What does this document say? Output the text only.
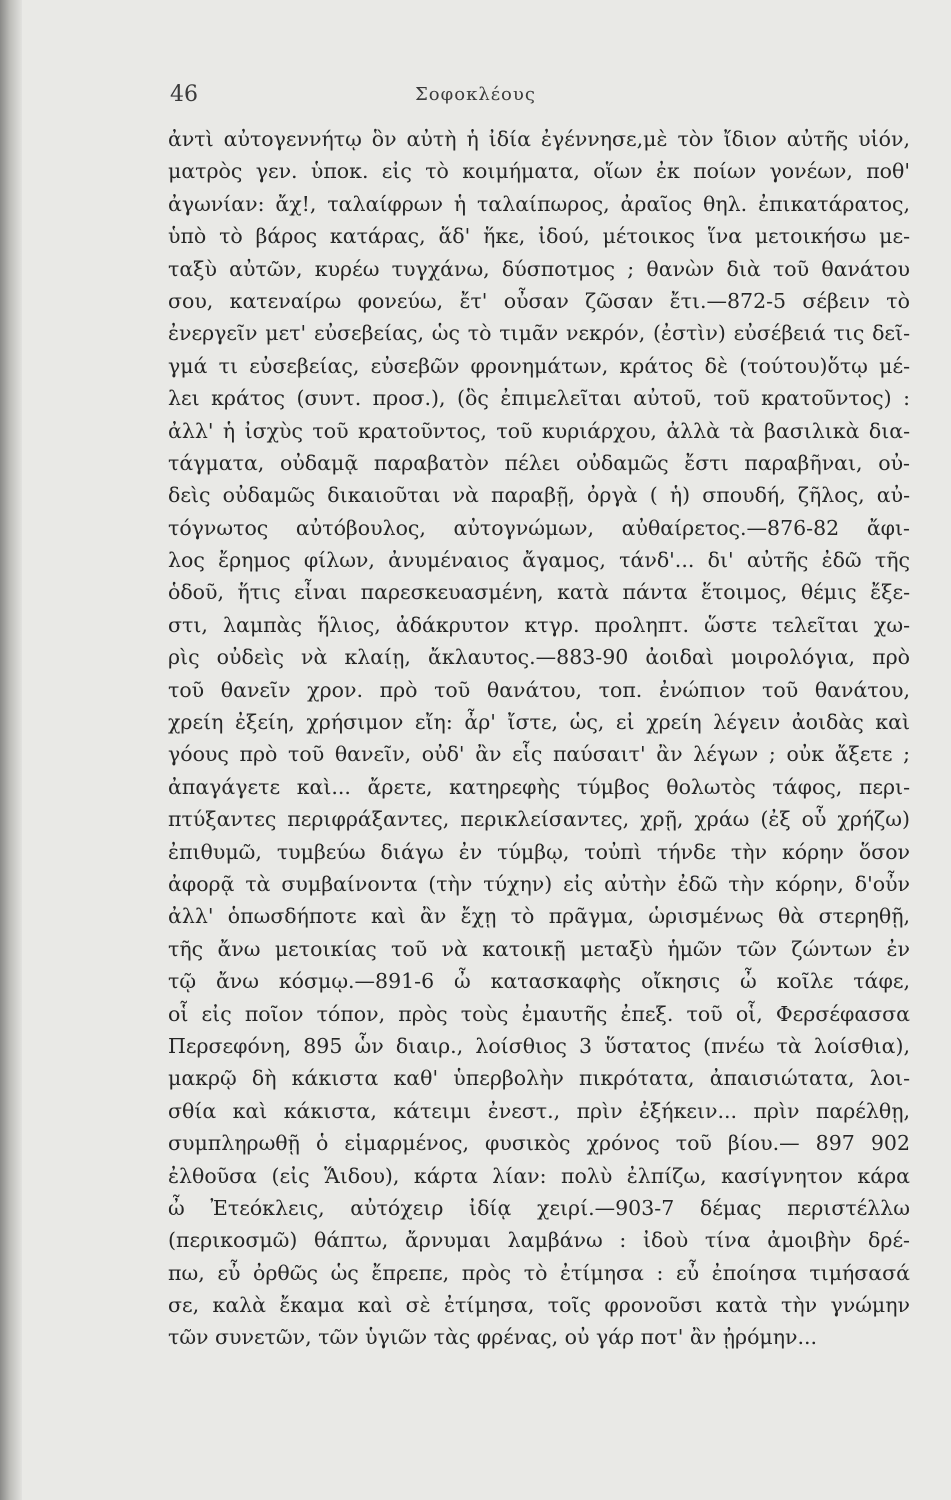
46	Σοφοκλέους
ἀντὶ αὐτογεννήτῳ ὃν αὐτὴ ἡ ἰδία ἐγέννησε,μὲ τὸν ἴδιον αὐτῆς υἱόν,
ματρὸς γεν. ὑποκ. εἰς τὸ κοιμήματα, οἵων ἐκ ποίων γονέων, ποθ'
ἀγωνίαν: ἄχ!, ταλαίφρων ἡ ταλαίπωρος, ἀραῖος θηλ. ἐπικατάρατος,
ὑπὸ τὸ βάρος κατάρας, ἅδ' ἥκε, ἰδού, μέτοικος ἵνα μετοικήσω με-
ταξὺ αὐτῶν, κυρέω τυγχάνω, δύσποτμος ; θανὼν διὰ τοῦ θανάτου
σου, κατεναίρω φονεύω, ἔτ' οὖσαν ζῶσαν ἔτι.—872-5 σέβειν τὸ
ἐνεργεῖν μετ' εὐσεβείας, ὡς τὸ τιμᾶν νεκρόν, (ἐστὶν) εὐσέβειά τις δεῖ-
γμά τι εὐσεβείας, εὐσεβῶν φρονημάτων, κράτος δὲ (τούτου)ὅτῳ μέ-
λει κράτος (συντ. προσ.), (ὃς ἐπιμελεῖται αὐτοῦ, τοῦ κρατοῦντος) :
ἀλλ' ἡ ἰσχὺς τοῦ κρατοῦντος, τοῦ κυριάρχου, ἀλλὰ τὰ βασιλικὰ δια-
τάγματα, οὐδαμᾷ παραβατὸν πέλει οὐδαμῶς ἔστι παραβῆναι, οὐ-
δεὶς οὐδαμῶς δικαιοῦται νὰ παραβῇ, ὀργὰ ( ἡ) σπουδή, ζῆλος, αὐ-
τόγνωτος αὐτόβουλος, αὐτογνώμων, αὐθαίρετος.—876-82 ἄφι-
λος ἔρημος φίλων, ἀνυμέναιος ἄγαμος, τάνδ'... δι' αὐτῆς ἐδῶ τῆς
ὁδοῦ, ἥτις εἶναι παρεσκευασμένη, κατὰ πάντα ἕτοιμος, θέμις ἔξε-
στι, λαμπὰς ἥλιος, ἀδάκρυτον κτγρ. προληπτ. ὥστε τελεῖται χω-
ρὶς οὐδεὶς νὰ κλαίῃ, ἄκλαυτος.—883-90 ἀοιδαὶ μοιρολόγια, πρὸ
τοῦ θανεῖν χρον. πρὸ τοῦ θανάτου, τοπ. ἐνώπιον τοῦ θανάτου,
χρείη ἐξείη, χρήσιμον εἴη: ἆρ' ἴστε, ὡς, εἰ χρείη λέγειν ἀοιδὰς καὶ
γόους πρὸ τοῦ θανεῖν, οὐδ' ἂν εἷς παύσαιτ' ἂν λέγων ; οὐκ ἄξετε ;
ἀπαγάγετε καὶ... ἄρετε, κατηρεφὴς τύμβος θολωτὸς τάφος, περι-
πτύξαντες περιφράξαντες, περικλείσαντες, χρῇ, χράω (ἐξ οὗ χρήζω)
ἐπιθυμῶ, τυμβεύω διάγω ἐν τύμβῳ, τοὐπὶ τήνδε τὴν κόρην ὅσον
ἀφορᾷ τὰ συμβαίνοντα (τὴν τύχην) εἰς αὐτὴν ἐδῶ τὴν κόρην, δ'οὖν
ἀλλ' ὁπωσδήποτε καὶ ἂν ἔχῃ τὸ πρᾶγμα, ὡρισμένως θὰ στερηθῇ,
τῆς ἄνω μετοικίας τοῦ νὰ κατοικῇ μεταξὺ ἡμῶν τῶν ζώντων ἐν
τῷ ἄνω κόσμῳ.—891-6 ὦ κατασκαφὴς οἴκησις ὦ κοῖλε τάφε,
οἷ εἰς ποῖον τόπον, πρὸς τοὺς ἐμαυτῆς ἐπεξ. τοῦ οἷ, Φερσέφασσα
Περσεφόνη, 895 ὧν διαιρ., λοίσθιος 3 ὕστατος (πνέω τὰ λοίσθια),
μακρῷ δὴ κάκιστα καθ' ὑπερβολὴν πικρότατα, ἀπαισιώτατα, λοι-
σθία καὶ κάκιστα, κάτειμι ἐνεστ., πρὶν ἐξήκειν... πρὶν παρέλθῃ,
συμπληρωθῇ ὁ εἱμαρμένος, φυσικὸς χρόνος τοῦ βίου.— 897 902
ἐλθοῦσα (εἰς Ἅιδου), κάρτα λίαν: πολὺ ἐλπίζω, κασίγνητον κάρα
ὦ Ἐτεόκλεις, αὐτόχειρ ἰδίᾳ χειρί.—903-7 δέμας περιστέλλω
(περικοσμῶ) θάπτω, ἄρνυμαι λαμβάνω : ἰδοὺ τίνα ἀμοιβὴν δρέ-
πω, εὖ ὀρθῶς ὡς ἔπρεπε, πρὸς τὸ ἐτίμησα : εὖ ἐποίησα τιμήσασά
σε, καλὰ ἔκαμα καὶ σὲ ἐτίμησα, τοῖς φρονοῦσι κατὰ τὴν γνώμην
τῶν συνετῶν, τῶν ὑγιῶν τὰς φρένας, οὐ γάρ ποτ' ἂν ᾐρόμην...
